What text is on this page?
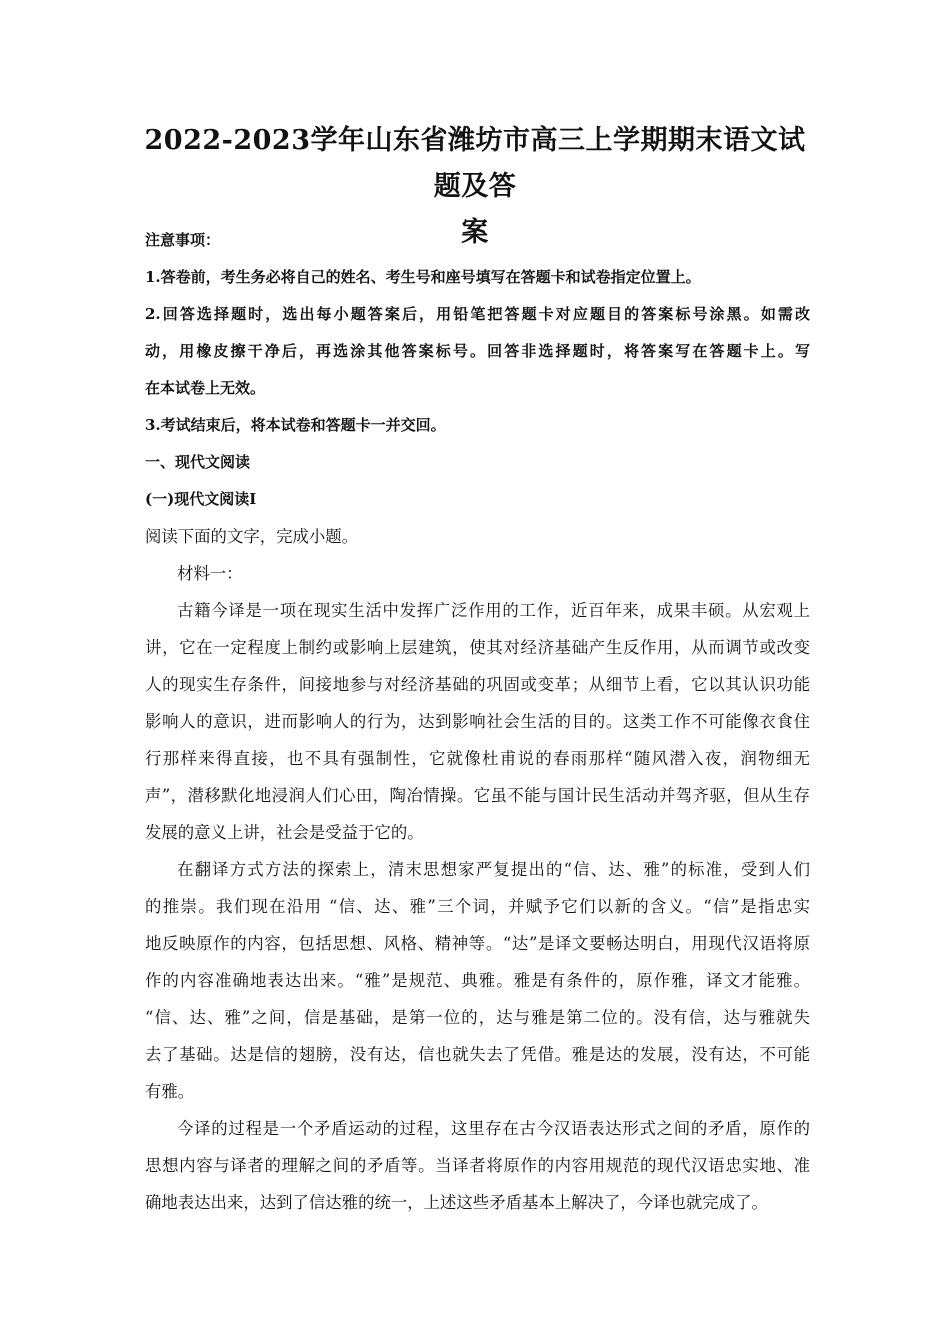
2022-2023学年山东省潍坊市高三上学期期末语文试题及答
案
注意事项：
1.答卷前，考生务必将自己的姓名、考生号和座号填写在答题卡和试卷指定位置上。
2.回答选择题时，选出每小题答案后，用铅笔把答题卡对应题目的答案标号涂黑。如需改
动，用橡皮擦干净后，再选涂其他答案标号。回答非选择题时，将答案写在答题卡上。写
在本试卷上无效。
3.考试结束后，将本试卷和答题卡一并交回。
一、现代文阅读
(一)现代文阅读Ⅰ
阅读下面的文字，完成小题。
材料一：
古籍今译是一项在现实生活中发挥广泛作用的工作，近百年来，成果丰硕。从宏观上
讲，它在一定程度上制约或影响上层建筑，使其对经济基础产生反作用，从而调节或改变
人的现实生存条件，间接地参与对经济基础的巩固或变革；从细节上看，它以其认识功能
影响人的意识，进而影响人的行为，达到影响社会生活的目的。这类工作不可能像衣食住
行那样来得直接，也不具有强制性，它就像杜甫说的春雨那样“随风潜入夜，润物细无
声”，潜移默化地浸润人们心田，陶冶情操。它虽不能与国计民生活动并驾齐驱，但从生存
发展的意义上讲，社会是受益于它的。
在翻译方式方法的探索上，清末思想家严复提出的“信、达、雅”的标准，受到人们
的推崇。我们现在沿用 “信、达、雅”三个词，并赋予它们以新的含义。“信”是指忠实
地反映原作的内容，包括思想、风格、精神等。“达”是译文要畅达明白，用现代汉语将原
作的内容准确地表达出来。“雅”是规范、典雅。雅是有条件的，原作雅，译文才能雅。
“信、达、雅”之间，信是基础，是第一位的，达与雅是第二位的。没有信，达与雅就失
去了基础。达是信的翅膀，没有达，信也就失去了凭借。雅是达的发展，没有达，不可能
有雅。
今译的过程是一个矛盾运动的过程，这里存在古今汉语表达形式之间的矛盾，原作的
思想内容与译者的理解之间的矛盾等。当译者将原作的内容用规范的现代汉语忠实地、准
确地表达出来，达到了信达雅的统一，上述这些矛盾基本上解决了，今译也就完成了。
